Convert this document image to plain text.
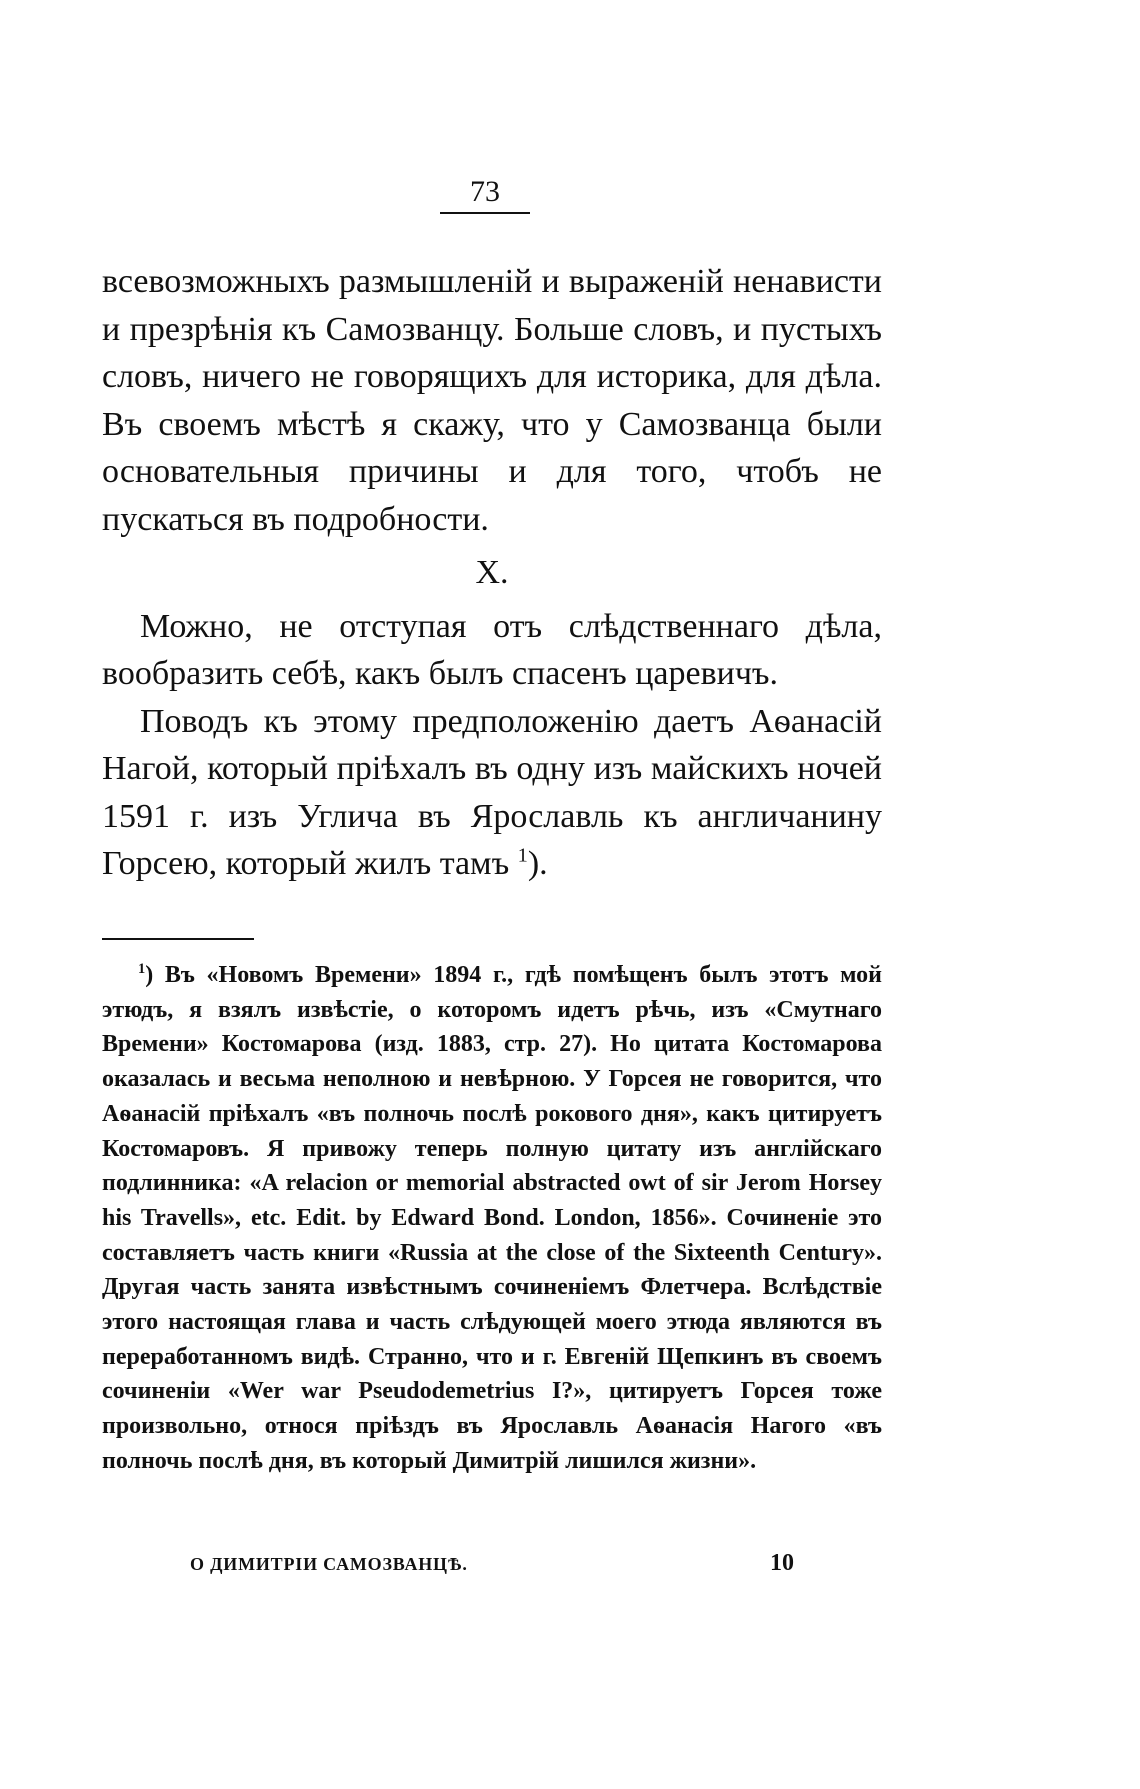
73

всевозможныхъ размышленій и выраженій ненависти и презрѣнія къ Самозванцу. Больше словъ, и пустыхъ словъ, ничего не говорящихъ для историка, для дѣла. Въ своемъ мѣстѣ я скажу, что у Самозванца были основательныя причины и для того, чтобъ не пускаться въ подробности.

X.

Можно, не отступая отъ слѣдственнаго дѣла, вообразить себѣ, какъ былъ спасенъ царевичъ.

Поводъ къ этому предположенію даетъ Аѳанасій Нагой, который пріѣхалъ въ одну изъ майскихъ ночей 1591 г. изъ Углича въ Ярославль къ англичанину Горсею, который жилъ тамъ $^1$).

$^1$) Въ «Новомъ Времени» 1894 г., гдѣ помѣщенъ былъ этотъ мой этюдъ, я взялъ извѣстіе, о которомъ идетъ рѣчь, изъ «Смутнаго Времени» Костомарова (изд. 1883, стр. 27). Но цитата Костомарова оказалась и весьма неполною и невѣрною. У Горсея не говорится, что Аѳанасій пріѣхалъ «въ полночь послѣ рокового дня», какъ цитируетъ Костомаровъ. Я привожу теперь полную цитату изъ англійскаго подлинника: «A relacion or memorial abstracted owt of sir Jerom Horsey his Travells», etc. Edit. by Edward Bond. London, 1856». Сочиненіе это составляетъ часть книги «Russia at the close of the Sixteenth Century». Другая часть занята извѣстнымъ сочиненіемъ Флетчера. Вслѣдствіе этого настоящая глава и часть слѣдующей моего этюда являются въ переработанномъ видѣ. Странно, что и г. Евгеній Щепкинъ въ своемъ сочиненіи «Wer war Pseudodemetrius I?», цитируетъ Горсея тоже произвольно, относя пріѣздъ въ Ярославль Аѳанасія Нагого «въ полночь послѣ дня, въ который Димитрій лишился жизни».

О ДИМИТРІИ САМОЗВАНЦѢ.	10
